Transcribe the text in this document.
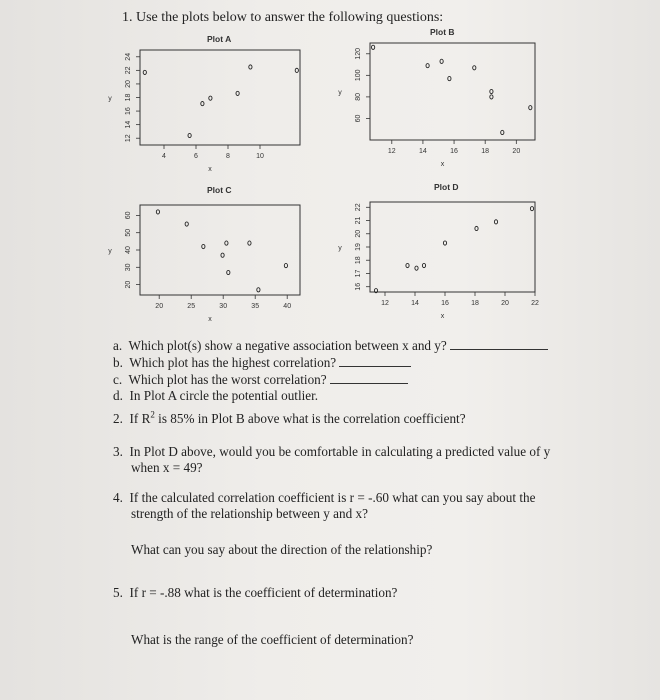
1. Use the plots below to answer the following questions:
Plot A
Plot B
Plot C	Plot D
4	6	8	10
12
14
16
18
20
22
24
x
y
12	14	16	18	20
60
80
100
120
x
y
20	25	30	35	40
20
30
40
50
60
x
y
12	14	16	18	20	22
16
17
18
19
20
21
22
x
y
a. Which plot(s) show a negative association between x and y?
b. Which plot has the highest correlation?
c. Which plot has the worst correlation?
d. In Plot A circle the potential outlier.
2. If $R^2$ is 85% in Plot B above what is the correlation coefficient?
3. In Plot D above, would you be comfortable in calculating a predicted value of y
when x = 49?
4. If the calculated correlation coefficient is r = -.60 what can you say about the
strength of the relationship between y and x?
What can you say about the direction of the relationship?
5. If r = -.88 what is the coefficient of determination?
What is the range of the coefficient of determination?
